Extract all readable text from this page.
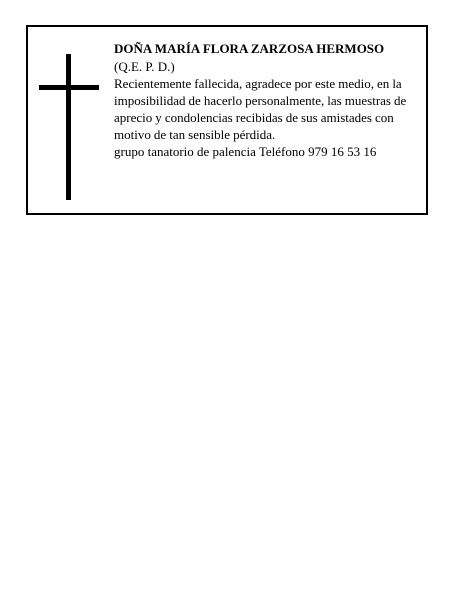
DOÑA MARÍA FLORA ZARZOSA HERMOSO

(Q.E. P. D.)

Recientemente fallecida, agradece por este medio, en la imposibilidad de hacerlo personalmente, las muestras de aprecio y condolencias recibidas de sus amistades con motivo de tan sensible pérdida.

grupo tanatorio de palencia Teléfono 979 16 53 16
